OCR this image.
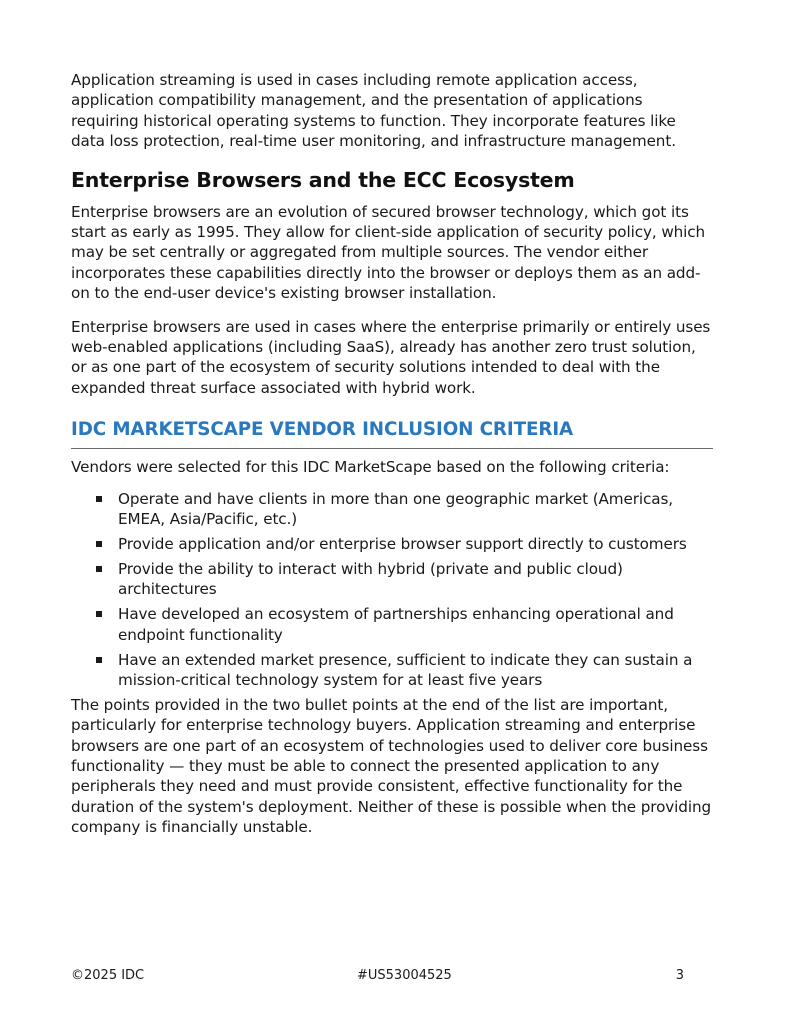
Application streaming is used in cases including remote application access, application compatibility management, and the presentation of applications requiring historical operating systems to function. They incorporate features like data loss protection, real-time user monitoring, and infrastructure management.

Enterprise Browsers and the ECC Ecosystem

Enterprise browsers are an evolution of secured browser technology, which got its start as early as 1995. They allow for client-side application of security policy, which may be set centrally or aggregated from multiple sources. The vendor either incorporates these capabilities directly into the browser or deploys them as an add-on to the end-user device's existing browser installation.

Enterprise browsers are used in cases where the enterprise primarily or entirely uses web-enabled applications (including SaaS), already has another zero trust solution, or as one part of the ecosystem of security solutions intended to deal with the expanded threat surface associated with hybrid work.

IDC MARKETSCAPE VENDOR INCLUSION CRITERIA

Vendors were selected for this IDC MarketScape based on the following criteria:

Operate and have clients in more than one geographic market (Americas, EMEA, Asia/Pacific, etc.)
Provide application and/or enterprise browser support directly to customers
Provide the ability to interact with hybrid (private and public cloud) architectures
Have developed an ecosystem of partnerships enhancing operational and endpoint functionality
Have an extended market presence, sufficient to indicate they can sustain a mission-critical technology system for at least five years

The points provided in the two bullet points at the end of the list are important, particularly for enterprise technology buyers. Application streaming and enterprise browsers are one part of an ecosystem of technologies used to deliver core business functionality — they must be able to connect the presented application to any peripherals they need and must provide consistent, effective functionality for the duration of the system's deployment. Neither of these is possible when the providing company is financially unstable.

©2025 IDC	#US53004525	3
